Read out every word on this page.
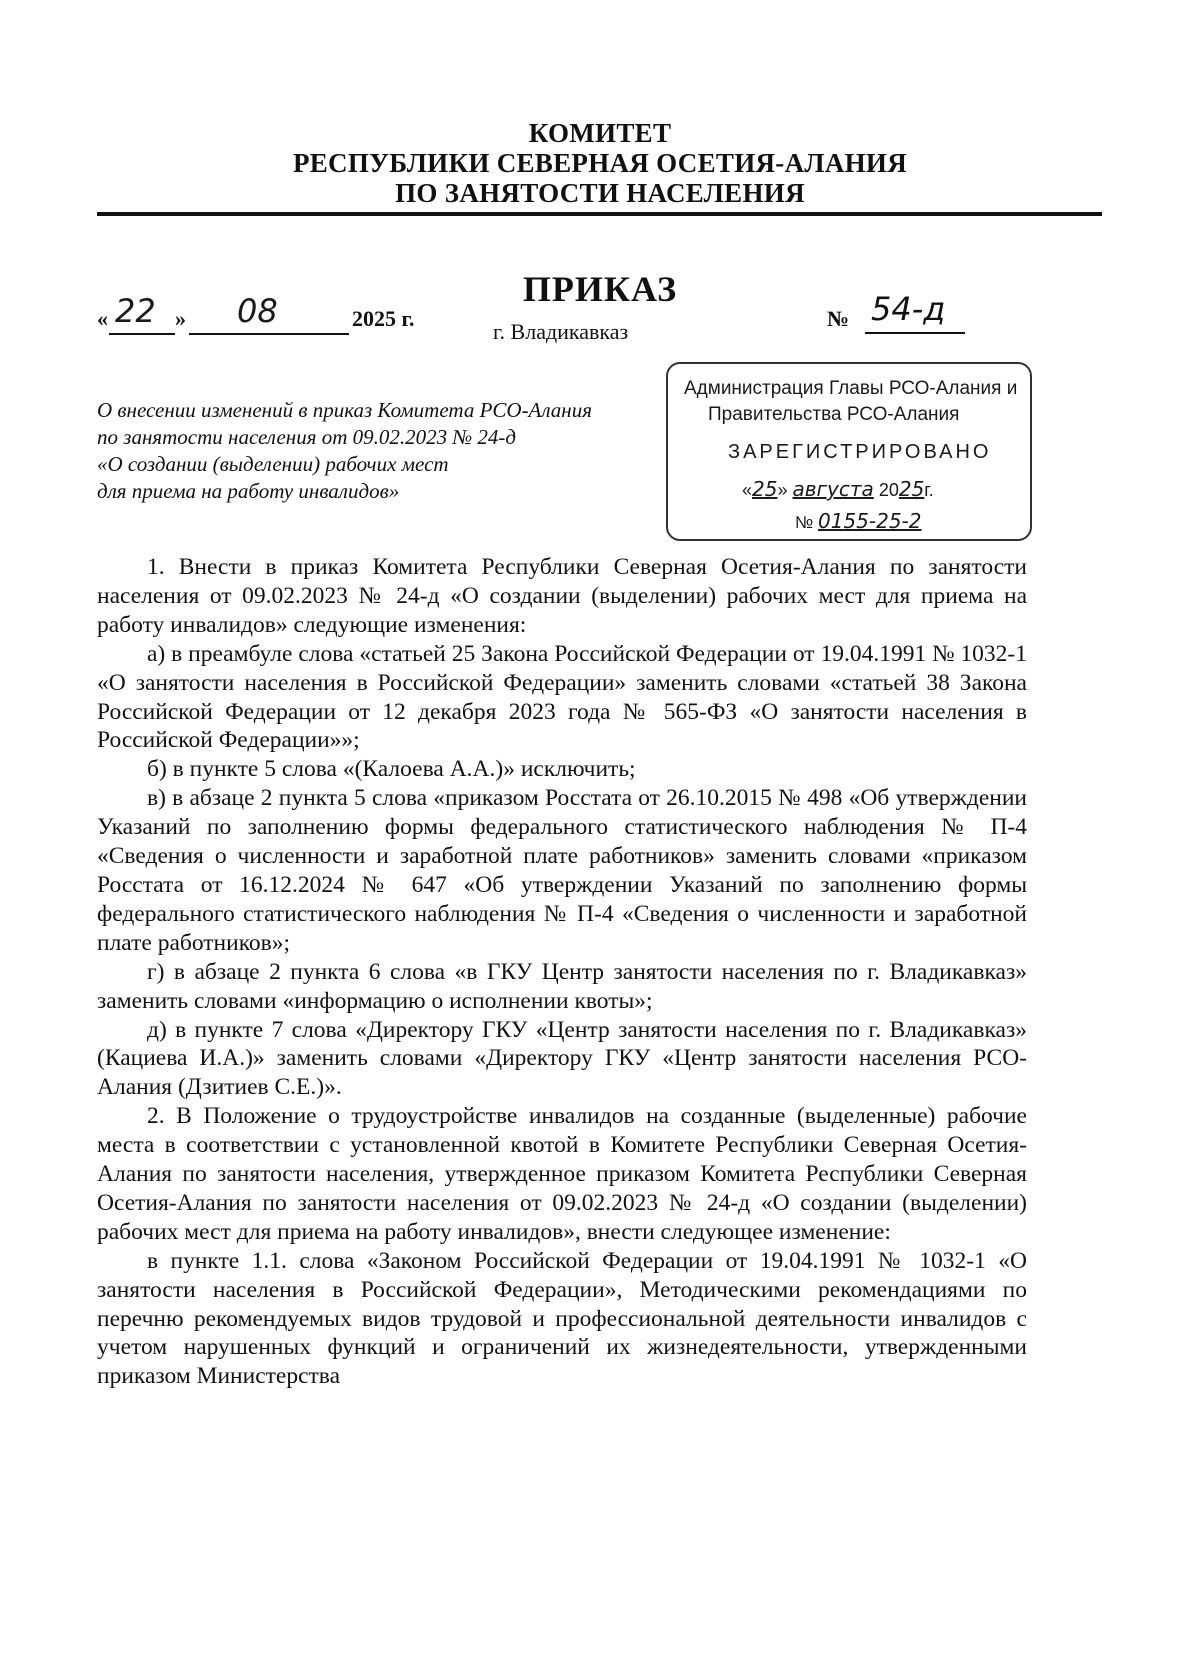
КОМИТЕТ
РЕСПУБЛИКИ СЕВЕРНАЯ ОСЕТИЯ-АЛАНИЯ
ПО ЗАНЯТОСТИ НАСЕЛЕНИЯ
ПРИКАЗ
« 22 » 08	2025 г.	№ 54-д
г. Владикавказ
О внесении изменений в приказ Комитета РСО-Алания
по занятости населения от 09.02.2023 № 24-д
«О создании (выделении) рабочих мест
для приема на работу инвалидов»
Администрация Главы РСО-Алания и
Правительства РСО-Алания
ЗАРЕГИСТРИРОВАНО
«25» августа 2025г.
№ 0155-25-2

1. Внести в приказ Комитета Республики Северная Осетия-Алания по занятости населения от 09.02.2023 № 24-д «О создании (выделении) рабочих мест для приема на работу инвалидов» следующие изменения:

а) в преамбуле слова «статьей 25 Закона Российской Федерации от 19.04.1991 № 1032-1 «О занятости населения в Российской Федерации» заменить словами «статьей 38 Закона Российской Федерации от 12 декабря 2023 года № 565-ФЗ «О занятости населения в Российской Федерации»»;

б) в пункте 5 слова «(Калоева А.А.)» исключить;

в) в абзаце 2 пункта 5 слова «приказом Росстата от 26.10.2015 № 498 «Об утверждении Указаний по заполнению формы федерального статистического наблюдения № П-4 «Сведения о численности и заработной плате работников» заменить словами «приказом Росстата от 16.12.2024 № 647 «Об утверждении Указаний по заполнению формы федерального статистического наблюдения № П-4 «Сведения о численности и заработной плате работников»;

г) в абзаце 2 пункта 6 слова «в ГКУ Центр занятости населения по г. Владикавказ» заменить словами «информацию о исполнении квоты»;

д) в пункте 7 слова «Директору ГКУ «Центр занятости населения по г. Владикавказ» (Кациева И.А.)» заменить словами «Директору ГКУ «Центр занятости населения РСО-Алания (Дзитиев С.Е.)».

2. В Положение о трудоустройстве инвалидов на созданные (выделенные) рабочие места в соответствии с установленной квотой в Комитете Республики Северная Осетия-Алания по занятости населения, утвержденное приказом Комитета Республики Северная Осетия-Алания по занятости населения от 09.02.2023 № 24-д «О создании (выделении) рабочих мест для приема на работу инвалидов», внести следующее изменение:

в пункте 1.1. слова «Законом Российской Федерации от 19.04.1991 № 1032-1 «О занятости населения в Российской Федерации», Методическими рекомендациями по перечню рекомендуемых видов трудовой и профессиональной деятельности инвалидов с учетом нарушенных функций и ограничений их жизнедеятельности, утвержденными приказом Министерства
